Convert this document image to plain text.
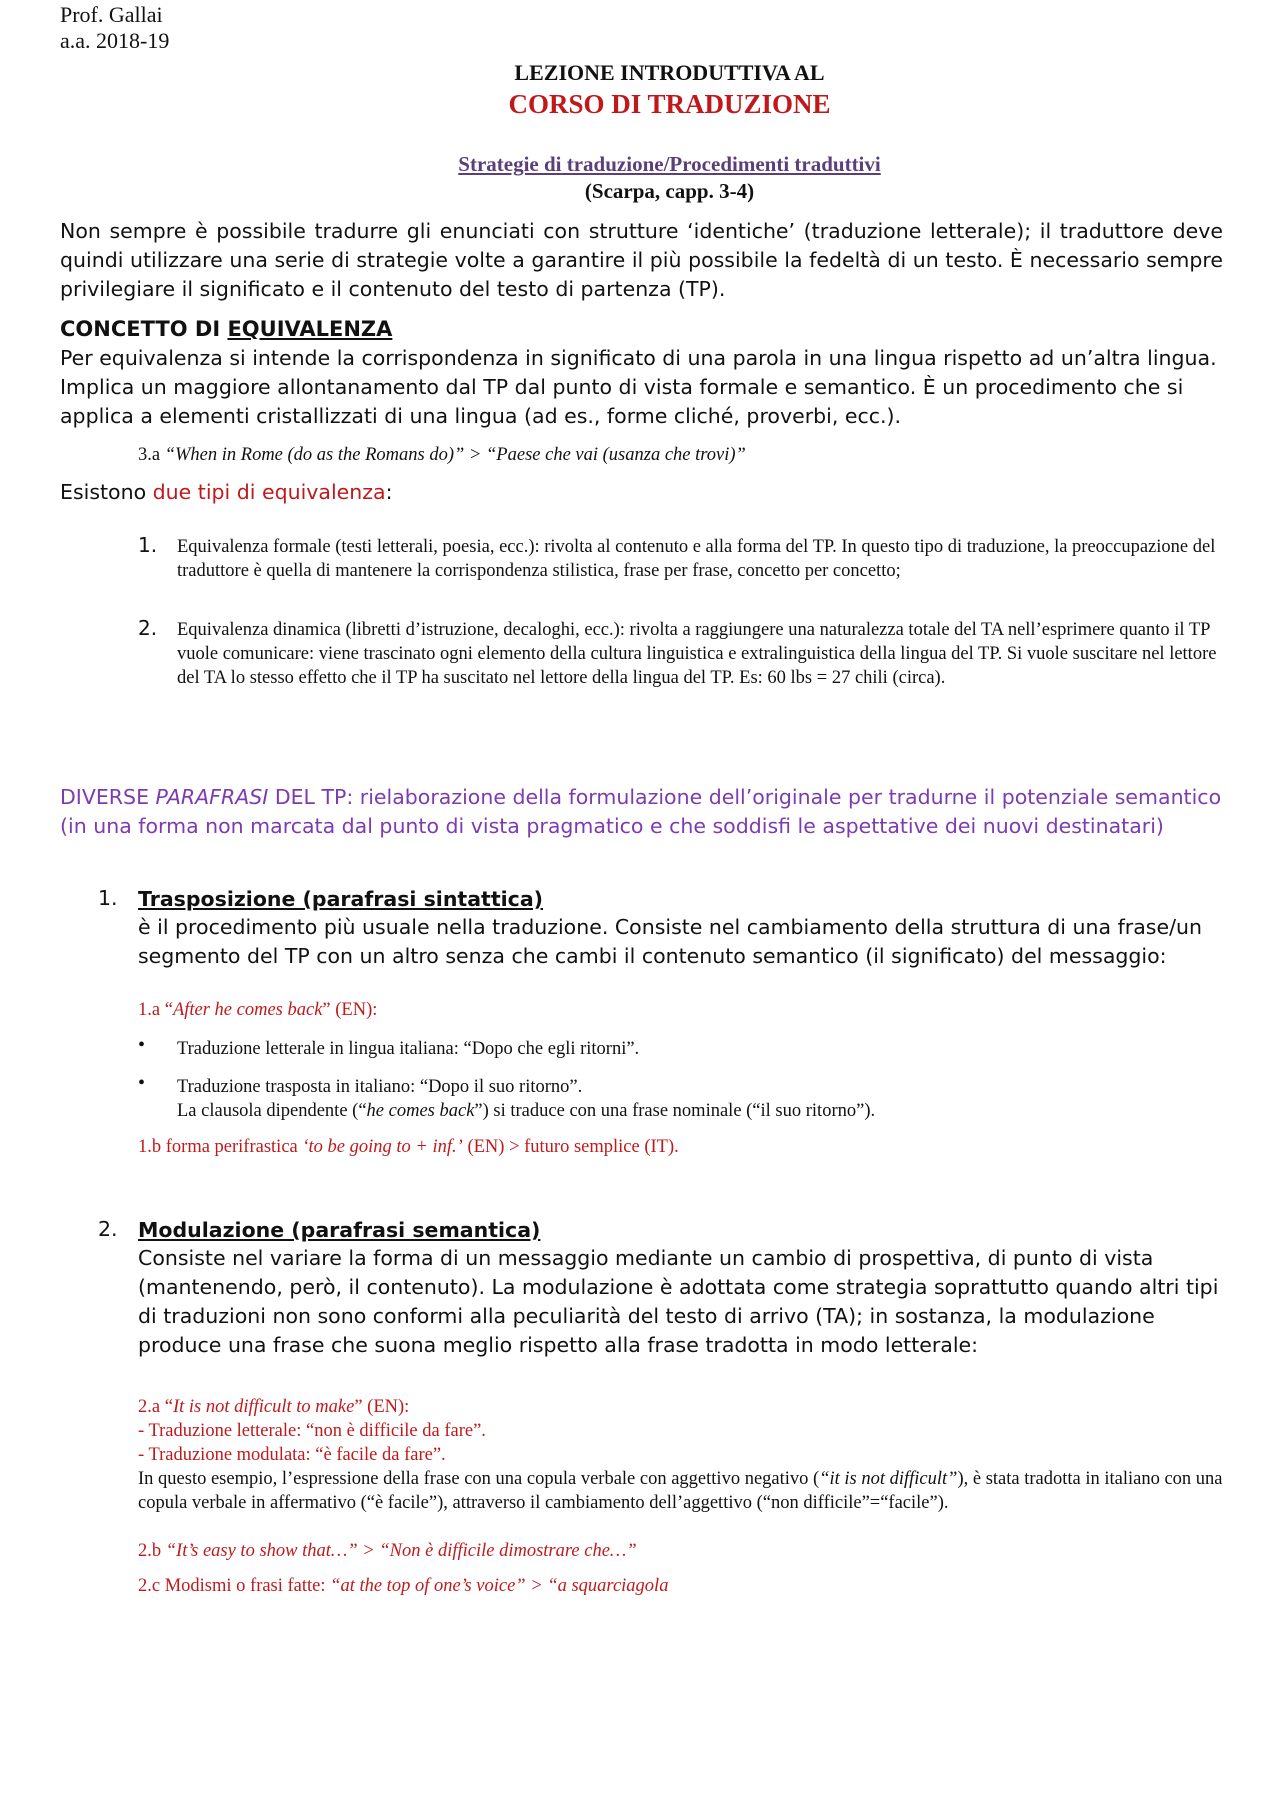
Prof. Gallai
a.a. 2018-19
LEZIONE INTRODUTTIVA AL
CORSO DI TRADUZIONE
Strategie di traduzione/Procedimenti traduttivi
(Scarpa, capp. 3-4)
Non sempre è possibile tradurre gli enunciati con strutture ‘identiche’ (traduzione letterale); il traduttore deve quindi utilizzare una serie di strategie volte a garantire il più possibile la fedeltà di un testo. È necessario sempre privilegiare il significato e il contenuto del testo di partenza (TP).
CONCETTO DI EQUIVALENZA
Per equivalenza si intende la corrispondenza in significato di una parola in una lingua rispetto ad un’altra lingua. Implica un maggiore allontanamento dal TP dal punto di vista formale e semantico. È un procedimento che si applica a elementi cristallizzati di una lingua (ad es., forme cliché, proverbi, ecc.).
3.a “When in Rome (do as the Romans do)” > “Paese che vai (usanza che trovi)”
Esistono due tipi di equivalenza:
1. Equivalenza formale (testi letterali, poesia, ecc.): rivolta al contenuto e alla forma del TP. In questo tipo di traduzione, la preoccupazione del traduttore è quella di mantenere la corrispondenza stilistica, frase per frase, concetto per concetto;
2. Equivalenza dinamica (libretti d’istruzione, decaloghi, ecc.): rivolta a raggiungere una naturalezza totale del TA nell’esprimere quanto il TP vuole comunicare: viene trascinato ogni elemento della cultura linguistica e extralinguistica della lingua del TP. Si vuole suscitare nel lettore del TA lo stesso effetto che il TP ha suscitato nel lettore della lingua del TP. Es: 60 lbs = 27 chili (circa).
DIVERSE PARAFRASI DEL TP: rielaborazione della formulazione dell’originale per tradurne il potenziale semantico (in una forma non marcata dal punto di vista pragmatico e che soddisfi le aspettative dei nuovi destinatari)
1. Trasposizione (parafrasi sintattica)
è il procedimento più usuale nella traduzione. Consiste nel cambiamento della struttura di una frase/un segmento del TP con un altro senza che cambi il contenuto semantico (il significato) del messaggio:
1.a “After he comes back” (EN):
• Traduzione letterale in lingua italiana: “Dopo che egli ritorni”.
• Traduzione trasposta in italiano: “Dopo il suo ritorno”.
La clausola dipendente (“he comes back”) si traduce con una frase nominale (“il suo ritorno”).
1.b forma perifrastica ‘to be going to + inf.’ (EN) > futuro semplice (IT).
2. Modulazione (parafrasi semantica)
Consiste nel variare la forma di un messaggio mediante un cambio di prospettiva, di punto di vista (mantenendo, però, il contenuto). La modulazione è adottata come strategia soprattutto quando altri tipi di traduzioni non sono conformi alla peculiarità del testo di arrivo (TA); in sostanza, la modulazione produce una frase che suona meglio rispetto alla frase tradotta in modo letterale:
2.a “It is not difficult to make” (EN):
- Traduzione letterale: “non è difficile da fare”.
- Traduzione modulata: “è facile da fare”.
In questo esempio, l’espressione della frase con una copula verbale con aggettivo negativo (“it is not difficult”), è stata tradotta in italiano con una copula verbale in affermativo (“è facile”), attraverso il cambiamento dell’aggettivo (“non difficile”=“facile”).
2.b “It’s easy to show that…” > “Non è difficile dimostrare che…”
2.c Modismi o frasi fatte: “at the top of one’s voice” > “a squarciagola
